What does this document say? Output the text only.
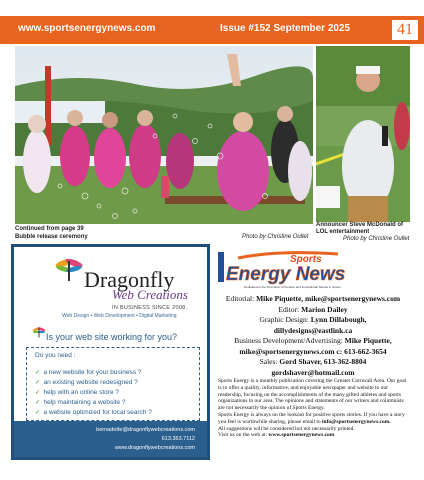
www.sportsenergynews.com	Issue #152 September 2025	41
Continued from page 39
Bubble release ceremony	Photo by Christine Oullet
Announcer Steve McDonald of
LOL entertainment
Photo by Christine Oullet
Dragonfly
Web Creations
IN BUSINESS SINCE 2008.
Web Design • Web Development • Digital Marketing
Is your web site working for you?
Do you need :
✓ a new website for your business ?
✓ an existing website redesigned ?
✓ help with an online store ?
✓ help maintaining a website ?
✓ a website optimized for local search ?
bernadette@dragonflywebcreations.com
613.363.7112
www.dragonflywebcreations.com
Sports
Energy News
Dedicated to the Promotion of Positive and Inspirational Stories in Sports
Editorial: Mike Piquette, mike@sportsenergynews.com
Editor: Marion Dailey
Graphic Design: Lynn Dillabough,
dillydesigns@eastlink.ca
Business Development/Advertising: Mike Piquette,
mike@sportsenergynews.com c: 613-662-3654
Sales: Gord Shaver, 613-362-8804
gordshaver@hotmail.com

Sports Energy is a monthly publication covering the Greater Cornwall Area. Our goal is to offer a quality, informative, and enjoyable newspaper and website to our readership, focusing on the accomplishments of the many gifted athletes and sports organizations in our area. The opinions and statements of our writers and columnists are not necessarily the opinion of Sports Energy.

Sports Energy is always on the lookout for positive sports stories. If you have a story you feel is worthwhile sharing, please email to info@sportsenergynews.com.

All suggestions will be considered but not necessarily printed.

Visit us on the web at: www.sportsenergynews.com
